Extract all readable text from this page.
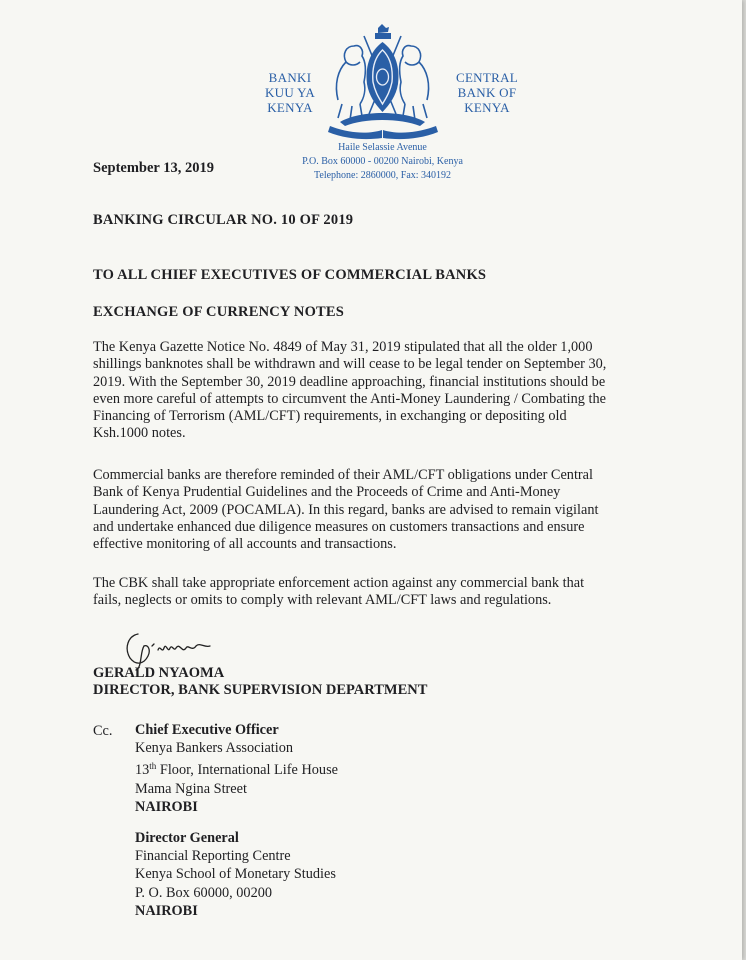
BANKI
KUU YA
KENYA
CENTRAL
BANK OF
KENYA
Haile Selassie Avenue
P.O. Box 60000 - 00200 Nairobi, Kenya
Telephone: 2860000, Fax: 340192
September 13, 2019
BANKING CIRCULAR NO. 10 OF 2019
TO ALL CHIEF EXECUTIVES OF COMMERCIAL BANKS
EXCHANGE OF CURRENCY NOTES
The Kenya Gazette Notice No. 4849 of May 31, 2019 stipulated that all the older 1,000
shillings banknotes shall be withdrawn and will cease to be legal tender on September 30,
2019. With the September 30, 2019 deadline approaching, financial institutions should be
even more careful of attempts to circumvent the Anti-Money Laundering / Combating the
Financing of Terrorism (AML/CFT) requirements, in exchanging or depositing old
Ksh.1000 notes.
Commercial banks are therefore reminded of their AML/CFT obligations under Central
Bank of Kenya Prudential Guidelines and the Proceeds of Crime and Anti-Money
Laundering Act, 2009 (POCAMLA). In this regard, banks are advised to remain vigilant
and undertake enhanced due diligence measures on customers transactions and ensure
effective monitoring of all accounts and transactions.
The CBK shall take appropriate enforcement action against any commercial bank that
fails, neglects or omits to comply with relevant AML/CFT laws and regulations.
GERALD NYAOMA
DIRECTOR, BANK SUPERVISION DEPARTMENT
Cc. Chief Executive Officer
Kenya Bankers Association
13th Floor, International Life House
Mama Ngina Street
NAIROBI
Director General
Financial Reporting Centre
Kenya School of Monetary Studies
P. O. Box 60000, 00200
NAIROBI
